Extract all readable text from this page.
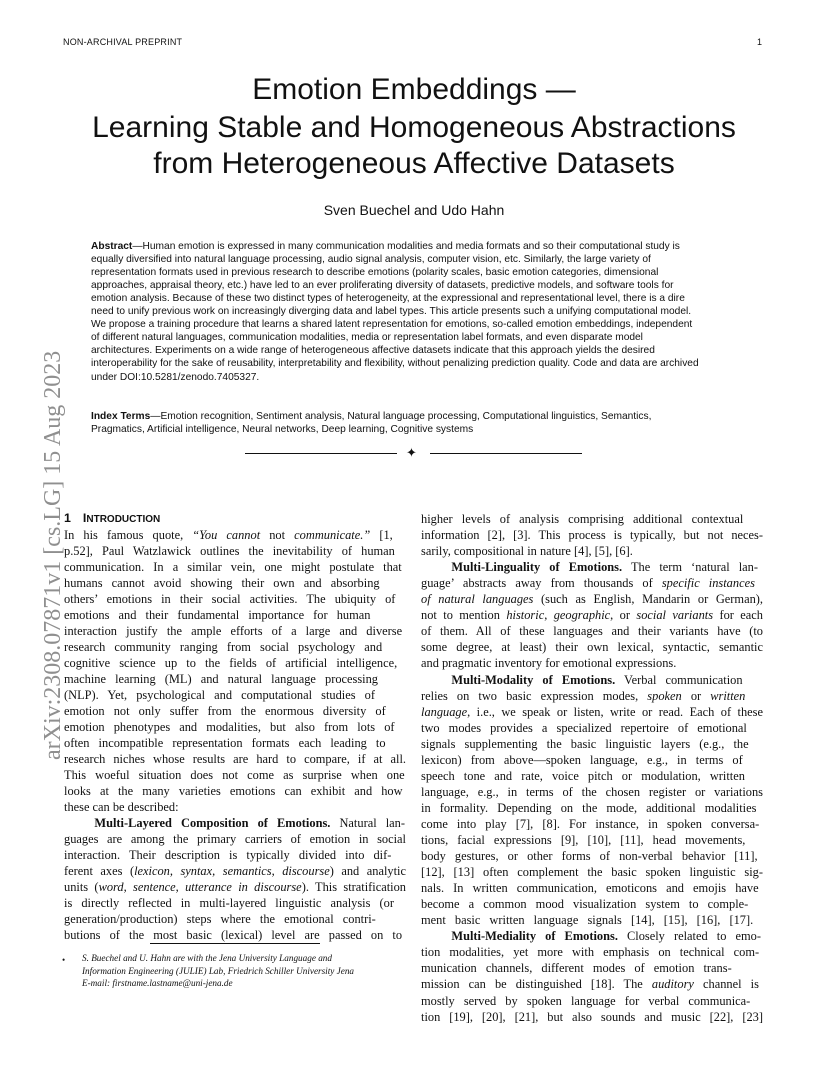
NON-ARCHIVAL PREPRINT	1
arXiv:2308.07871v1 [cs.LG] 15 Aug 2023
Emotion Embeddings —
Learning Stable and Homogeneous Abstractions
from Heterogeneous Affective Datasets
Sven Buechel and Udo Hahn
Abstract—Human emotion is expressed in many communication modalities and media formats and so their computational study is
equally diversified into natural language processing, audio signal analysis, computer vision, etc. Similarly, the large variety of
representation formats used in previous research to describe emotions (polarity scales, basic emotion categories, dimensional
approaches, appraisal theory, etc.) have led to an ever proliferating diversity of datasets, predictive models, and software tools for
emotion analysis. Because of these two distinct types of heterogeneity, at the expressional and representational level, there is a dire
need to unify previous work on increasingly diverging data and label types. This article presents such a unifying computational model.
We propose a training procedure that learns a shared latent representation for emotions, so-called emotion embeddings, independent
of different natural languages, communication modalities, media or representation label formats, and even disparate model
architectures. Experiments on a wide range of heterogeneous affective datasets indicate that this approach yields the desired
interoperability for the sake of reusability, interpretability and flexibility, without penalizing prediction quality. Code and data are archived
under DOI:10.5281/zenodo.7405327.
Index Terms—Emotion recognition, Sentiment analysis, Natural language processing, Computational linguistics, Semantics,
Pragmatics, Artificial intelligence, Neural networks, Deep learning, Cognitive systems
✦
1 INTRODUCTION
In his famous quote, “You cannot not communicate.” [1,
p.52], Paul Watzlawick outlines the inevitability of human
communication. In a similar vein, one might postulate that
humans cannot avoid showing their own and absorbing
others’ emotions in their social activities. The ubiquity of
emotions and their fundamental importance for human
interaction justify the ample efforts of a large and diverse
research community ranging from social psychology and
cognitive science up to the fields of artificial intelligence,
machine learning (ML) and natural language processing
(NLP). Yet, psychological and computational studies of
emotion not only suffer from the enormous diversity of
emotion phenotypes and modalities, but also from lots of
often incompatible representation formats each leading to
research niches whose results are hard to compare, if at all.
This woeful situation does not come as surprise when one
looks at the many varieties emotions can exhibit and how
these can be described:
Multi-Layered Composition of Emotions. Natural lan-
guages are among the primary carriers of emotion in social
interaction. Their description is typically divided into dif-
ferent axes (lexicon, syntax, semantics, discourse) and analytic
units (word, sentence, utterance in discourse). This stratification
is directly reflected in multi-layered linguistic analysis (or
generation/production) steps where the emotional contri-
butions of the most basic (lexical) level are passed on to
higher levels of analysis comprising additional contextual
information [2], [3]. This process is typically, but not neces-
sarily, compositional in nature [4], [5], [6].
Multi-Linguality of Emotions. The term ‘natural lan-
guage’ abstracts away from thousands of specific instances
of natural languages (such as English, Mandarin or German),
not to mention historic, geographic, or social variants for each
of them. All of these languages and their variants have (to
some degree, at least) their own lexical, syntactic, semantic
and pragmatic inventory for emotional expressions.
Multi-Modality of Emotions. Verbal communication
relies on two basic expression modes, spoken or written
language, i.e., we speak or listen, write or read. Each of these
two modes provides a specialized repertoire of emotional
signals supplementing the basic linguistic layers (e.g., the
lexicon) from above—spoken language, e.g., in terms of
speech tone and rate, voice pitch or modulation, written
language, e.g., in terms of the chosen register or variations
in formality. Depending on the mode, additional modalities
come into play [7], [8]. For instance, in spoken conversa-
tions, facial expressions [9], [10], [11], head movements,
body gestures, or other forms of non-verbal behavior [11],
[12], [13] often complement the basic spoken linguistic sig-
nals. In written communication, emoticons and emojis have
become a common mood visualization system to comple-
ment basic written language signals [14], [15], [16], [17].
Multi-Mediality of Emotions. Closely related to emo-
tion modalities, yet more with emphasis on technical com-
munication channels, different modes of emotion trans-
mission can be distinguished [18]. The auditory channel is
mostly served by spoken language for verbal communica-
tion [19], [20], [21], but also sounds and music [22], [23]
• S. Buechel and U. Hahn are with the Jena University Language and
Information Engineering (JULIE) Lab, Friedrich Schiller University Jena
E-mail: firstname.lastname@uni-jena.de
